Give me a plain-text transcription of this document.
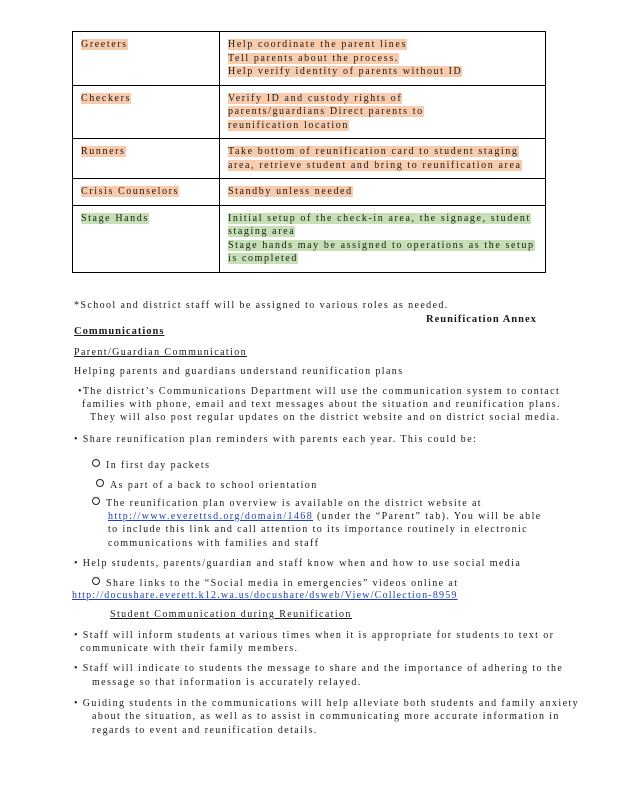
Greeters	Help coordinate the parent lines
Tell parents about the process.
Help verify identity of parents without ID

Checkers	Verify ID and custody rights of
parents/guardians Direct parents to
reunification location

Runners	Take bottom of reunification card to student staging
area, retrieve student and bring to reunification area

Crisis Counselors	Standby unless needed

Stage Hands	Initial setup of the check-in area, the signage, student
staging area
Stage hands may be assigned to operations as the setup
is completed
*School and district staff will be assigned to various roles as needed.
Reunification Annex
Communications
Parent/Guardian Communication
Helping parents and guardians understand reunification plans
•The district’s Communications Department will use the communication system to contact
families with phone, email and text messages about the situation and reunification plans.
They will also post regular updates on the district website and on district social media.
• Share reunification plan reminders with parents each year. This could be:
In first day packets
As part of a back to school orientation
The reunification plan overview is available on the district website at
http://www.everettsd.org/domain/1468 (under the “Parent” tab). You will be able
to include this link and call attention to its importance routinely in electronic
communications with families and staff
• Help students, parents/guardian and staff know when and how to use social media
Share links to the “Social media in emergencies” videos online at
http://docushare.everett.k12.wa.us/docushare/dsweb/View/Collection-8959
Student Communication during Reunification
• Staff will inform students at various times when it is appropriate for students to text or
communicate with their family members.
• Staff will indicate to students the message to share and the importance of adhering to the
message so that information is accurately relayed.
• Guiding students in the communications will help alleviate both students and family anxiety
about the situation, as well as to assist in communicating more accurate information in
regards to event and reunification details.
